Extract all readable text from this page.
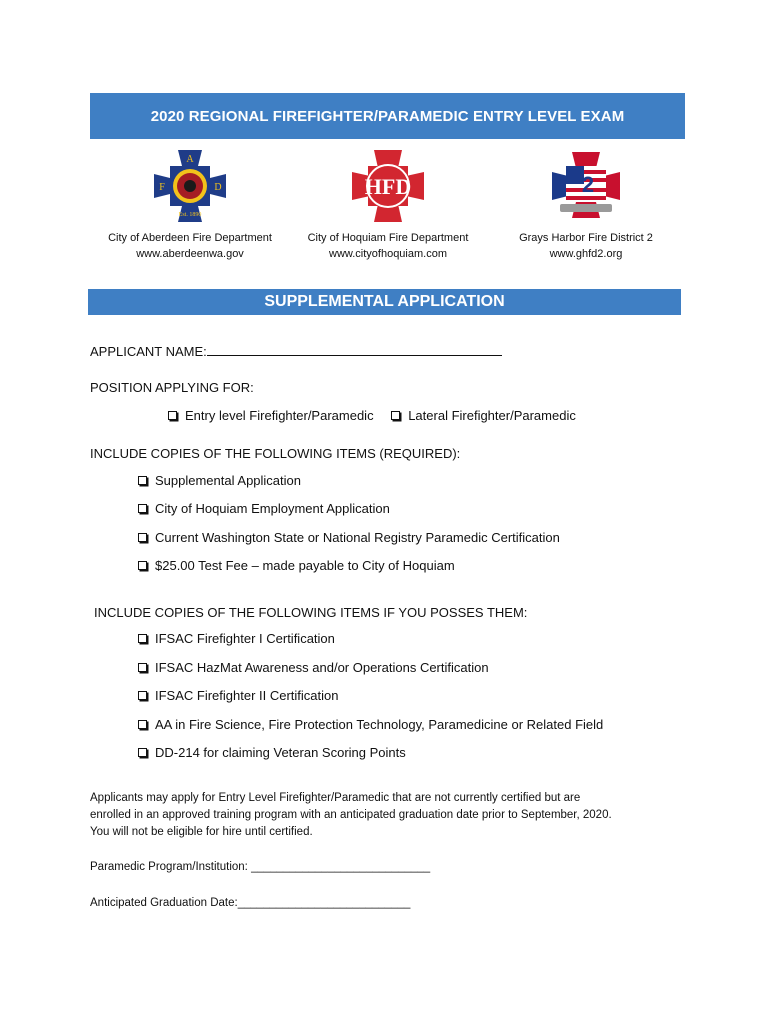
2020 REGIONAL FIREFIGHTER/PARAMEDIC ENTRY LEVEL EXAM
A
F	D
Est. 1890
City of Aberdeen Fire Department
www.aberdeenwa.gov
HFD
City of Hoquiam Fire Department
www.cityofhoquiam.com
2
Grays Harbor Fire District 2
www.ghfd2.org
SUPPLEMENTAL APPLICATION
APPLICANT NAME:
POSITION APPLYING FOR:
Entry level Firefighter/Paramedic
	Lateral Firefighter/Paramedic
INCLUDE COPIES OF THE FOLLOWING ITEMS (REQUIRED):
Supplemental Application
City of Hoquiam Employment Application
Current Washington State or National Registry Paramedic Certification
$25.00 Test Fee – made payable to City of Hoquiam
INCLUDE COPIES OF THE FOLLOWING ITEMS IF YOU POSSES THEM:
IFSAC Firefighter I Certification
IFSAC HazMat Awareness and/or Operations Certification
IFSAC Firefighter II Certification
AA in Fire Science, Fire Protection Technology, Paramedicine or Related Field
DD-214 for claiming Veteran Scoring Points
Applicants may apply for Entry Level Firefighter/Paramedic that are not currently certified but are
enrolled in an approved training program with an anticipated graduation date prior to September, 2020.
You will not be eligible for hire until certified.
Paramedic Program/Institution: ____________________________
Anticipated Graduation Date:___________________________
